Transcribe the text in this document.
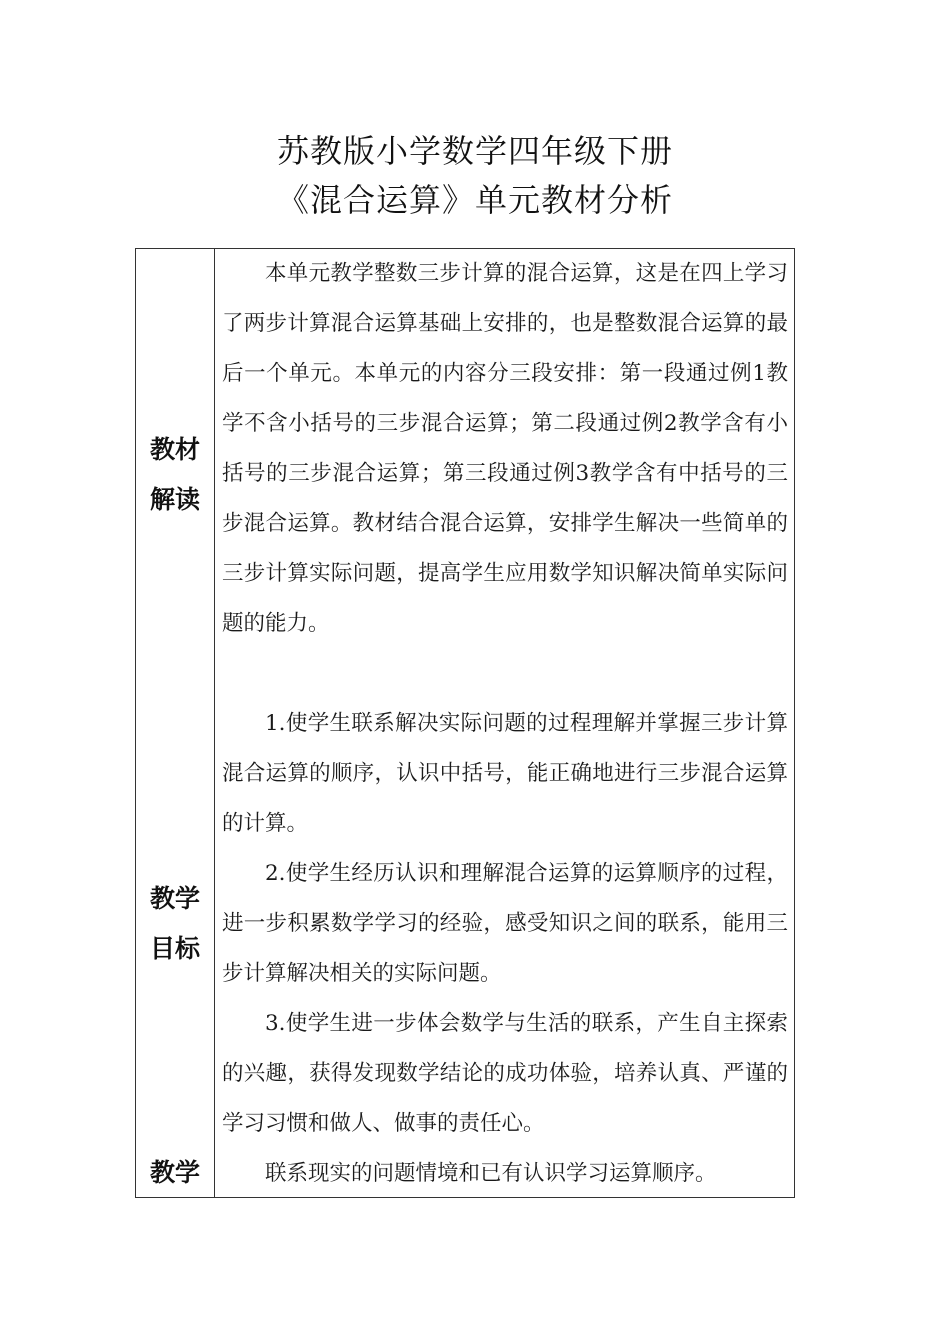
苏教版小学数学四年级下册
《混合运算》单元教材分析
教材
解读

本单元教学整数三步计算的混合运算，这是在四上学习了两步计算混合运算基础上安排的，也是整数混合运算的最后一个单元。本单元的内容分三段安排：第一段通过例1教学不含小括号的三步混合运算；第二段通过例2教学含有小括号的三步混合运算；第三段通过例3教学含有中括号的三步混合运算。教材结合混合运算，安排学生解决一些简单的三步计算实际问题，提高学生应用数学知识解决简单实际问题的能力。

教学
目标

1.使学生联系解决实际问题的过程理解并掌握三步计算混合运算的顺序，认识中括号，能正确地进行三步混合运算的计算。

2.使学生经历认识和理解混合运算的运算顺序的过程，进一步积累数学学习的经验，感受知识之间的联系，能用三步计算解决相关的实际问题。

3.使学生进一步体会数学与生活的联系，产生自主探索的兴趣，获得发现数学结论的成功体验，培养认真、严谨的学习习惯和做人、做事的责任心。

教学	联系现实的问题情境和已有认识学习运算顺序。
